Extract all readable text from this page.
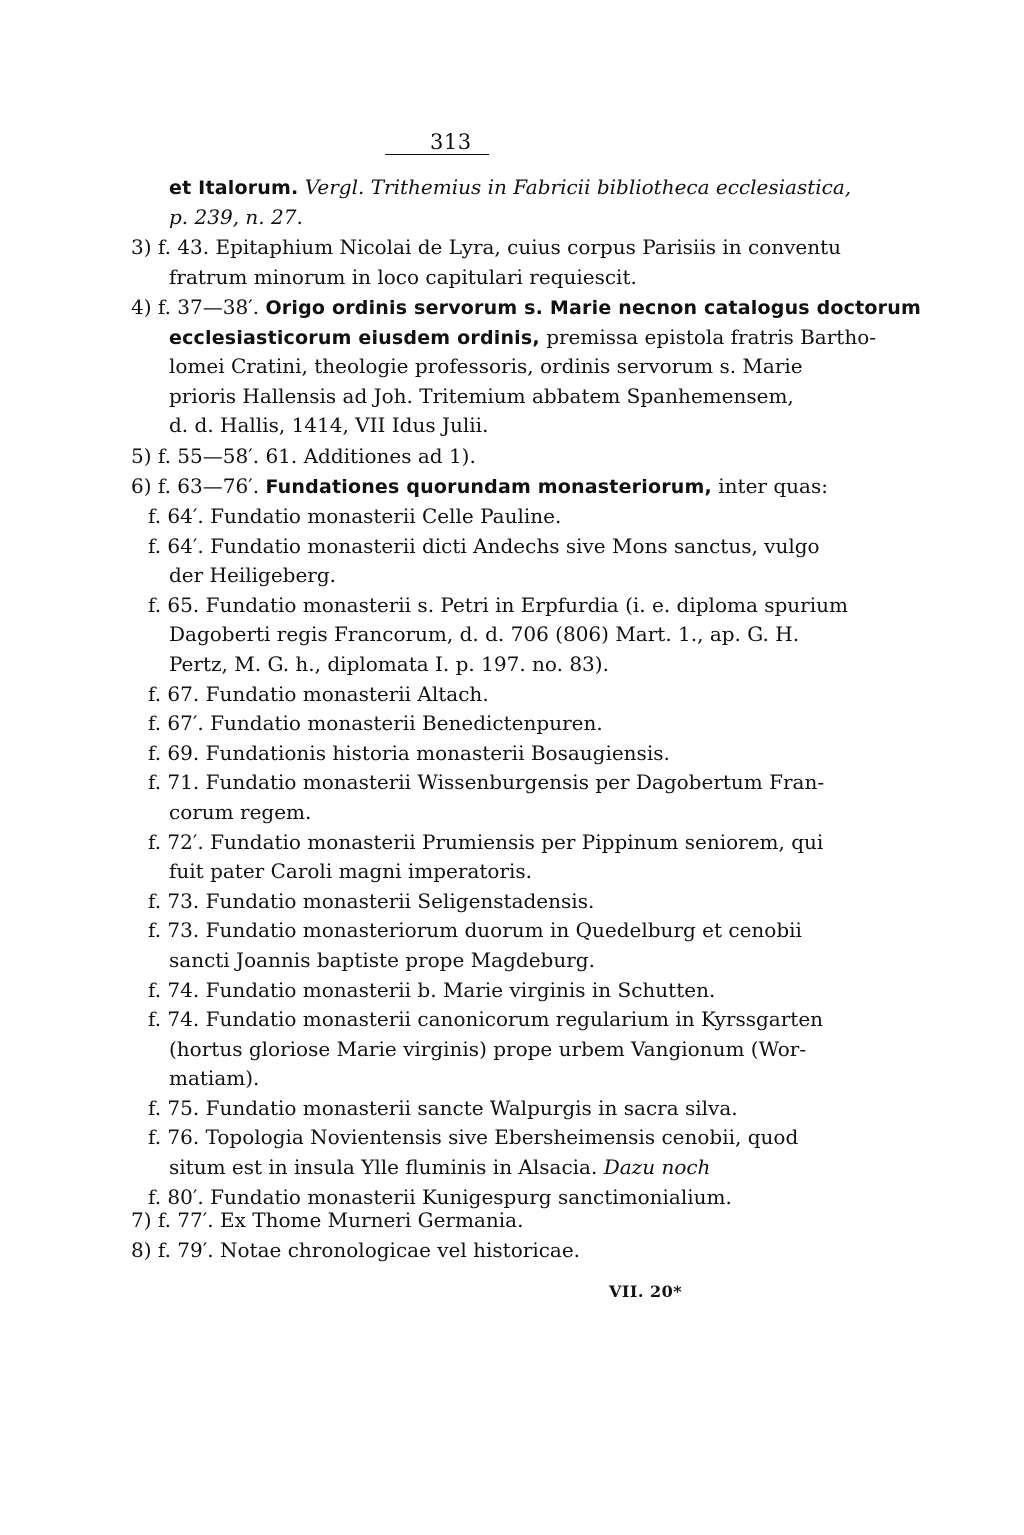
313
et Italorum. Vergl. Trithemius in Fabricii bibliotheca ecclesiastica,
p. 239, n. 27.
3) f. 43. Epitaphium Nicolai de Lyra, cuius corpus Parisiis in conventu
fratrum minorum in loco capitulari requiescit.
4) f. 37—38′. Origo ordinis servorum s. Marie necnon catalogus doctorum
ecclesiasticorum eiusdem ordinis, premissa epistola fratris Bartho-
lomei Cratini, theologie professoris, ordinis servorum s. Marie
prioris Hallensis ad Joh. Tritemium abbatem Spanhemensem,
d. d. Hallis, 1414, VII Idus Julii.
5) f. 55—58′. 61. Additiones ad 1).
6) f. 63—76′. Fundationes quorundam monasteriorum, inter quas:
f. 64′. Fundatio monasterii Celle Pauline.
f. 64′. Fundatio monasterii dicti Andechs sive Mons sanctus, vulgo
der Heiligeberg.
f. 65. Fundatio monasterii s. Petri in Erpfurdia (i. e. diploma spurium
Dagoberti regis Francorum, d. d. 706 (806) Mart. 1., ap. G. H.
Pertz, M. G. h., diplomata I. p. 197. no. 83).
f. 67. Fundatio monasterii Altach.
f. 67′. Fundatio monasterii Benedictenpuren.
f. 69. Fundationis historia monasterii Bosaugiensis.
f. 71. Fundatio monasterii Wissenburgensis per Dagobertum Fran-
corum regem.
f. 72′. Fundatio monasterii Prumiensis per Pippinum seniorem, qui
fuit pater Caroli magni imperatoris.
f. 73. Fundatio monasterii Seligenstadensis.
f. 73. Fundatio monasteriorum duorum in Quedelburg et cenobii
sancti Joannis baptiste prope Magdeburg.
f. 74. Fundatio monasterii b. Marie virginis in Schutten.
f. 74. Fundatio monasterii canonicorum regularium in Kyrssgarten
(hortus gloriose Marie virginis) prope urbem Vangionum (Wor-
matiam).
f. 75. Fundatio monasterii sancte Walpurgis in sacra silva.
f. 76. Topologia Novientensis sive Ebersheimensis cenobii, quod
situm est in insula Ylle fluminis in Alsacia. Dazu noch
f. 80′. Fundatio monasterii Kunigespurg sanctimonialium.
7) f. 77′. Ex Thome Murneri Germania.
8) f. 79′. Notae chronologicae vel historicae.
VII. 20*
